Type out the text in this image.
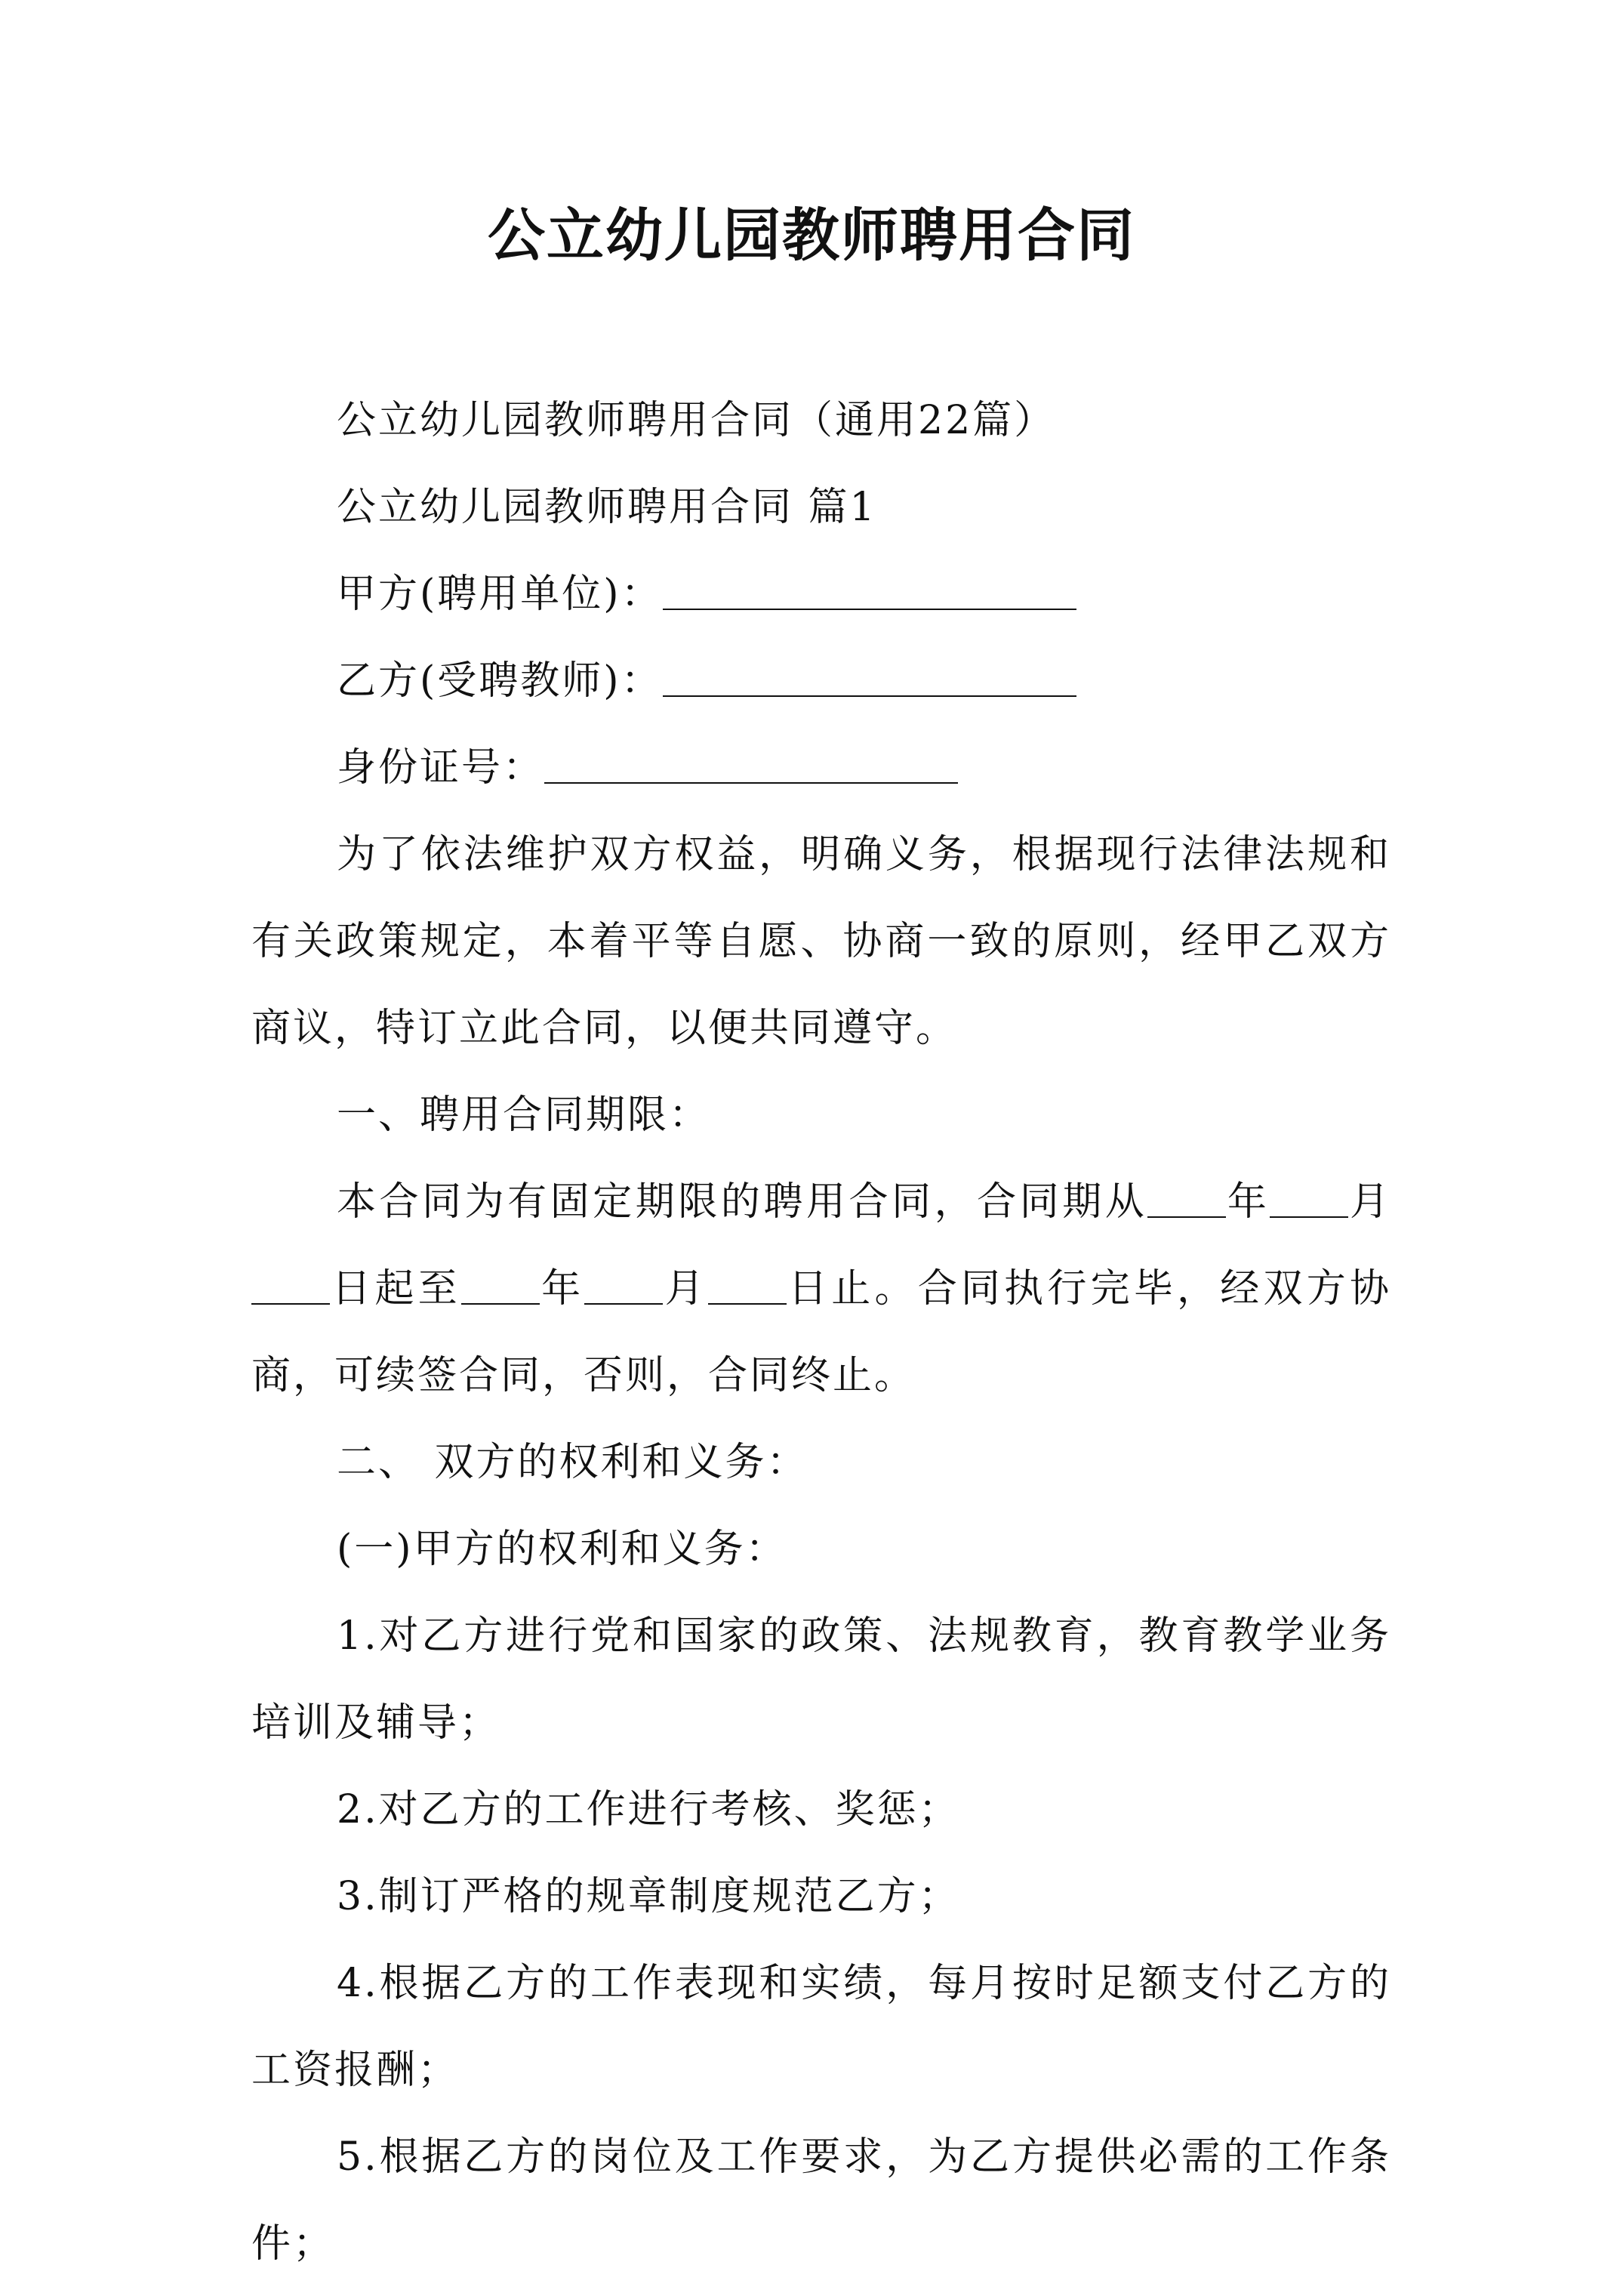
公立幼儿园教师聘用合同

公立幼儿园教师聘用合同（通用22篇）

公立幼儿园教师聘用合同 篇1

甲方(聘用单位)：

乙方(受聘教师)：

身份证号：

为了依法维护双方权益，明确义务，根据现行法律法规和有关政策规定，本着平等自愿、协商一致的原则，经甲乙双方商议，特订立此合同，以便共同遵守。

一、聘用合同期限：

本合同为有固定期限的聘用合同，合同期从 年 月日起至 年 月 日止。合同执行完毕，经双方协商，可续签合同，否则，合同终止。

二、 双方的权利和义务：

(一)甲方的权利和义务：

1.对乙方进行党和国家的政策、法规教育，教育教学业务培训及辅导；

2.对乙方的工作进行考核、奖惩；

3.制订严格的规章制度规范乙方；

4.根据乙方的工作表现和实绩，每月按时足额支付乙方的工资报酬；

5.根据乙方的岗位及工作要求，为乙方提供必需的工作条件；
